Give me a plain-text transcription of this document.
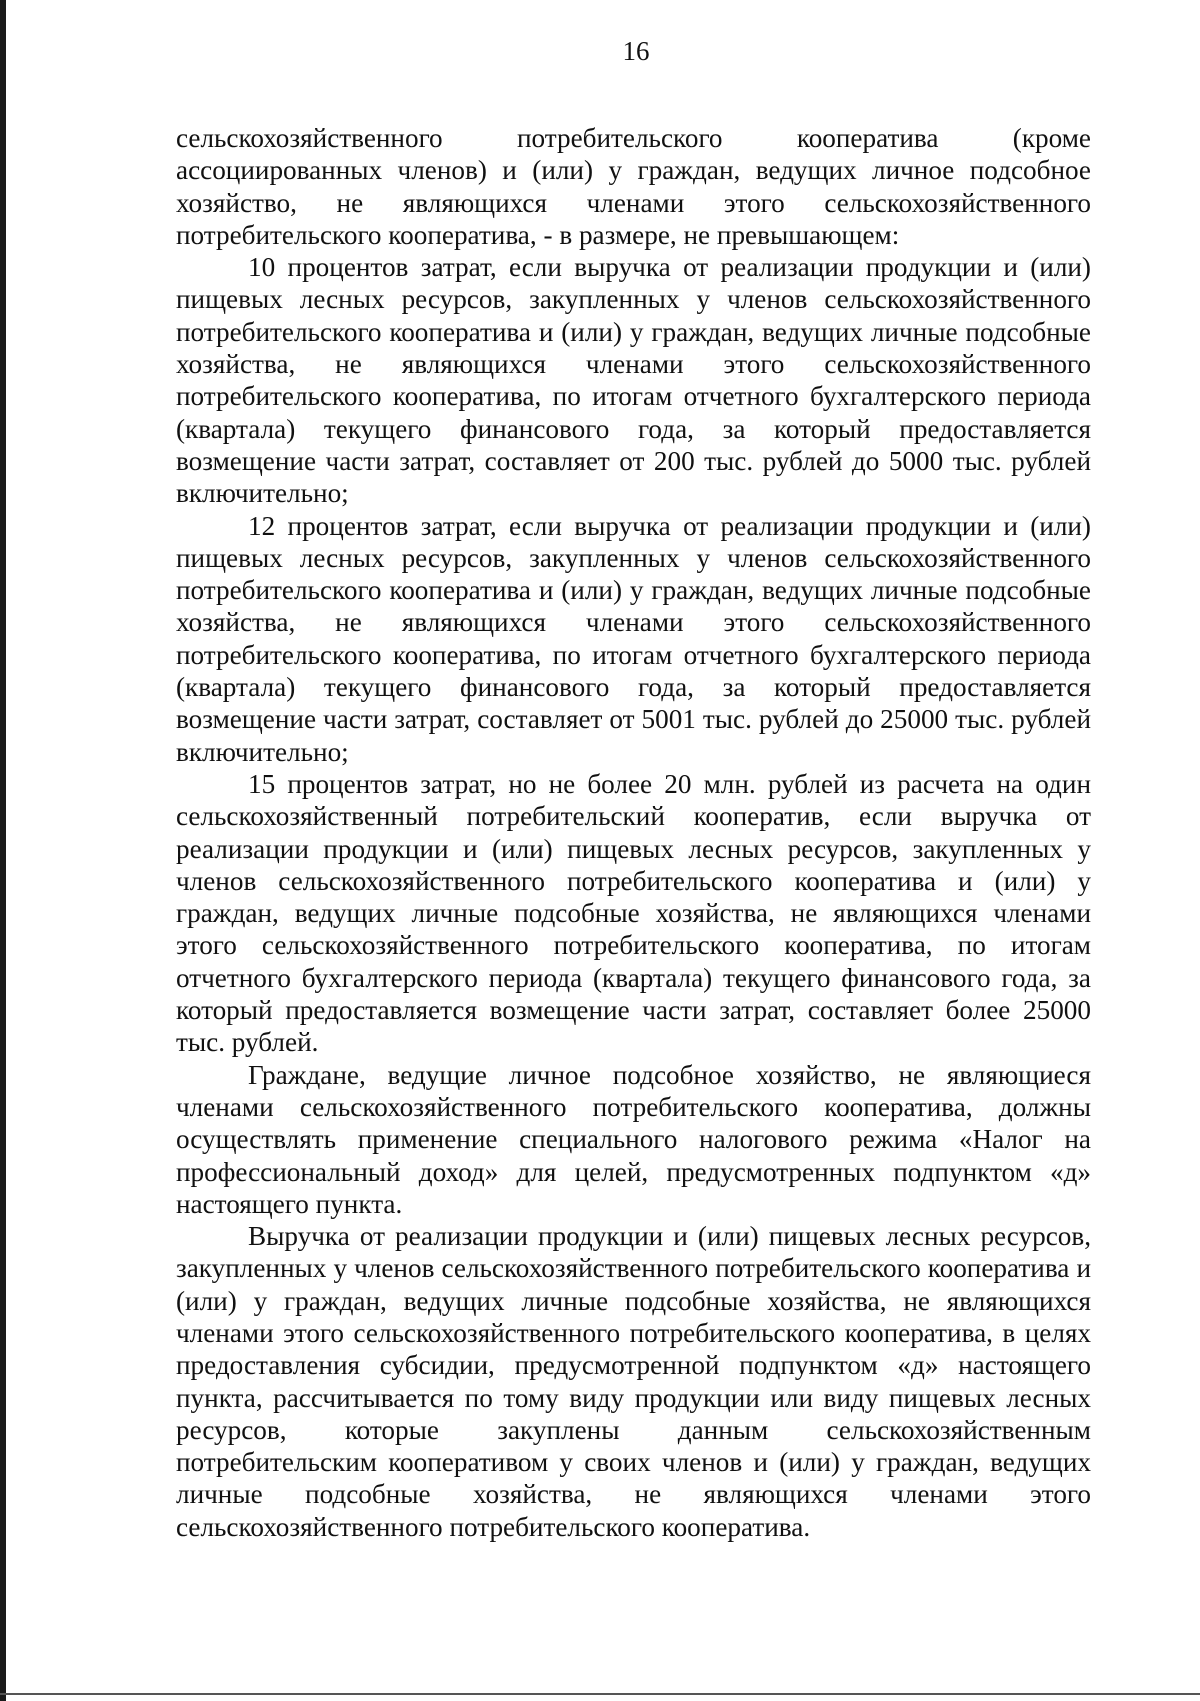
16

сельскохозяйственного потребительского кооператива (кроме ассоциированных членов) и (или) у граждан, ведущих личное подсобное хозяйство, не являющихся членами этого сельскохозяйственного потребительского кооператива, - в размере, не превышающем:

10 процентов затрат, если выручка от реализации продукции и (или) пищевых лесных ресурсов, закупленных у членов сельскохозяйственного потребительского кооператива и (или) у граждан, ведущих личные подсобные хозяйства, не являющихся членами этого сельскохозяйственного потребительского кооператива, по итогам отчетного бухгалтерского периода (квартала) текущего финансового года, за который предоставляется возмещение части затрат, составляет от 200 тыс. рублей до 5000 тыс. рублей включительно;

12 процентов затрат, если выручка от реализации продукции и (или) пищевых лесных ресурсов, закупленных у членов сельскохозяйственного потребительского кооператива и (или) у граждан, ведущих личные подсобные хозяйства, не являющихся членами этого сельскохозяйственного потребительского кооператива, по итогам отчетного бухгалтерского периода (квартала) текущего финансового года, за который предоставляется возмещение части затрат, составляет от 5001 тыс. рублей до 25000 тыс. рублей включительно;

15 процентов затрат, но не более 20 млн. рублей из расчета на один сельскохозяйственный потребительский кооператив, если выручка от реализации продукции и (или) пищевых лесных ресурсов, закупленных у членов сельскохозяйственного потребительского кооператива и (или) у граждан, ведущих личные подсобные хозяйства, не являющихся членами этого сельскохозяйственного потребительского кооператива, по итогам отчетного бухгалтерского периода (квартала) текущего финансового года, за который предоставляется возмещение части затрат, составляет более 25000 тыс. рублей.

Граждане, ведущие личное подсобное хозяйство, не являющиеся членами сельскохозяйственного потребительского кооператива, должны осуществлять применение специального налогового режима «Налог на профессиональный доход» для целей, предусмотренных подпунктом «д» настоящего пункта.

Выручка от реализации продукции и (или) пищевых лесных ресурсов, закупленных у членов сельскохозяйственного потребительского кооператива и (или) у граждан, ведущих личные подсобные хозяйства, не являющихся членами этого сельскохозяйственного потребительского кооператива, в целях предоставления субсидии, предусмотренной подпунктом «д» настоящего пункта, рассчитывается по тому виду продукции или виду пищевых лесных ресурсов, которые закуплены данным сельскохозяйственным потребительским кооперативом у своих членов и (или) у граждан, ведущих личные подсобные хозяйства, не являющихся членами этого сельскохозяйственного потребительского кооператива.
